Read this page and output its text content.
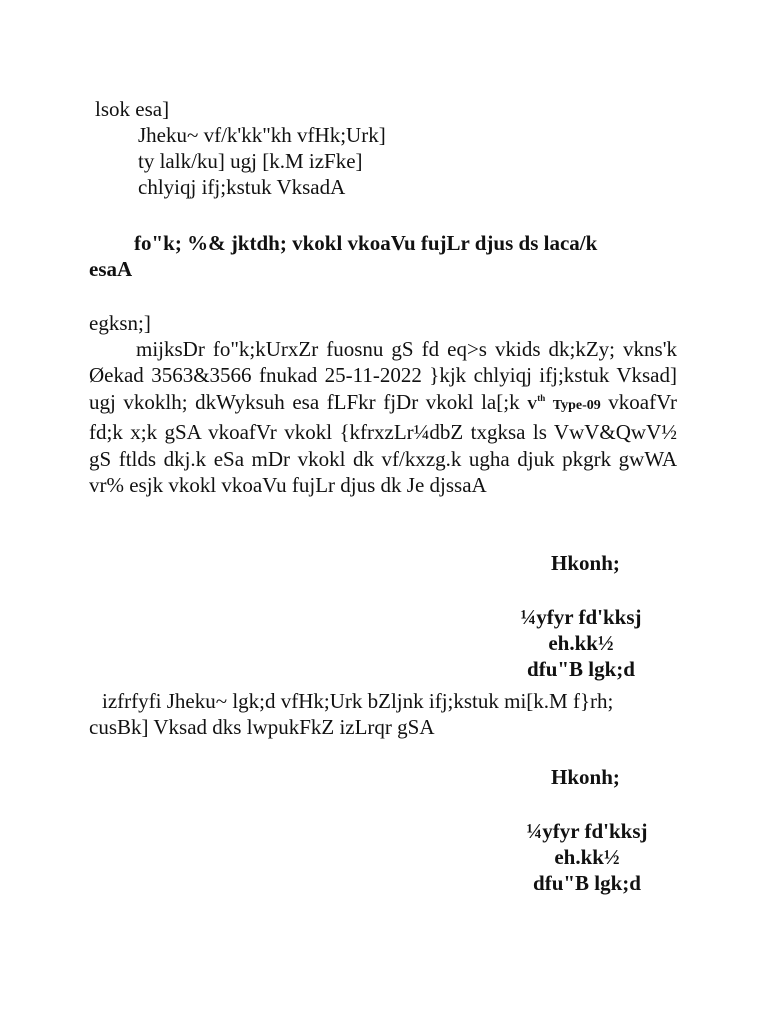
lsok esa]
Jheku~ vf/k'kk"kh vfHk;Urk]
ty lalk/ku] ugj [k.M izFke]
chlyiqj ifj;kstuk VksadA
fo"k; %& jktdh; vkokl vkoaVu fujLr djus ds laca/k
esaA
egksn;]
mijksDr fo"k;kUrxZr fuosnu gS fd eq>s vkids dk;kZy; vkns'k Øekad 3563&3566 fnukad 25-11-2022 }kjk chlyiqj ifj;kstuk Vksad] ugj vkoklh; dkWyksuh esa fLFkr fjDr vkokl la[;k Vth Type-09 vkoafVr fd;k x;k gSA vkoafVr vkokl {kfrxzLr¼dbZ txgksa ls VwV&QwV½ gS ftlds dkj.k eSa mDr vkokl dk vf/kxzg.k ugha djuk pkgrk gwWA vr% esjk vkokl vkoaVu fujLr djus dk Je djssaA
Hkonh;
¼yfyr fd'kksj
eh.kk½
dfu"B lgk;d
izfrfyfi Jheku~ lgk;d vfHk;Urk bZljnk ifj;kstuk mi[k.M f}rh;
cusBk] Vksad dks lwpukFkZ izLrqr gSA
Hkonh;
¼yfyr fd'kksj
eh.kk½
dfu"B lgk;d
